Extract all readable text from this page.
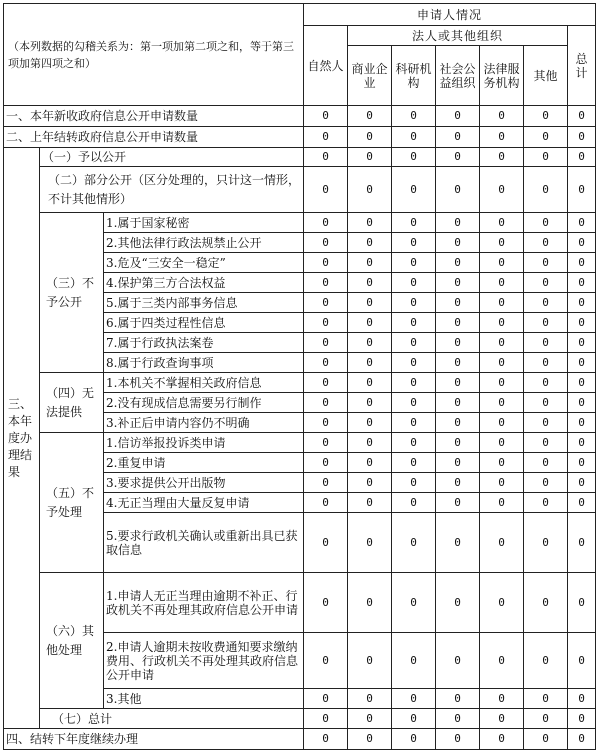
（本列数据的勾稽关系为：第一项加第二项之和，等于第三项加第四项之和）			申请人情况						
			自然人	法人或其他组织					总计
				商业企业	科研机构	社会公益组织	法律服务机构	其他	
一、本年新收政府信息公开申请数量			0	0	0	0	0	0	0
二、上年结转政府信息公开申请数量			0	0	0	0	0	0	0
三、本年度办理结果	（一）予以公开		0	0	0	0	0	0	0
	（二）部分公开（区分处理的，只计这一情形，不计其他情形）		0	0	0	0	0	0	0
	（三）不予公开	1.属于国家秘密	0	0	0	0	0	0	0
		2.其他法律行政法规禁止公开	0	0	0	0	0	0	0
		3.危及“三安全一稳定”	0	0	0	0	0	0	0
		4.保护第三方合法权益	0	0	0	0	0	0	0
		5.属于三类内部事务信息	0	0	0	0	0	0	0
		6.属于四类过程性信息	0	0	0	0	0	0	0
		7.属于行政执法案卷	0	0	0	0	0	0	0
		8.属于行政查询事项	0	0	0	0	0	0	0
	（四）无法提供	1.本机关不掌握相关政府信息	0	0	0	0	0	0	0
		2.没有现成信息需要另行制作	0	0	0	0	0	0	0
		3.补正后申请内容仍不明确	0	0	0	0	0	0	0
	（五）不予处理	1.信访举报投诉类申请	0	0	0	0	0	0	0
		2.重复申请	0	0	0	0	0	0	0
		3.要求提供公开出版物	0	0	0	0	0	0	0
		4.无正当理由大量反复申请	0	0	0	0	0	0	0
		5.要求行政机关确认或重新出具已获取信息	0	0	0	0	0	0	0
	（六）其他处理	1.申请人无正当理由逾期不补正、行政机关不再处理其政府信息公开申请	0	0	0	0	0	0	0
		2.申请人逾期未按收费通知要求缴纳费用、行政机关不再处理其政府信息公开申请	0	0	0	0	0	0	0
		3.其他	0	0	0	0	0	0	0
	（七）总计		0	0	0	0	0	0	0
四、结转下年度继续办理			0	0	0	0	0	0	0
